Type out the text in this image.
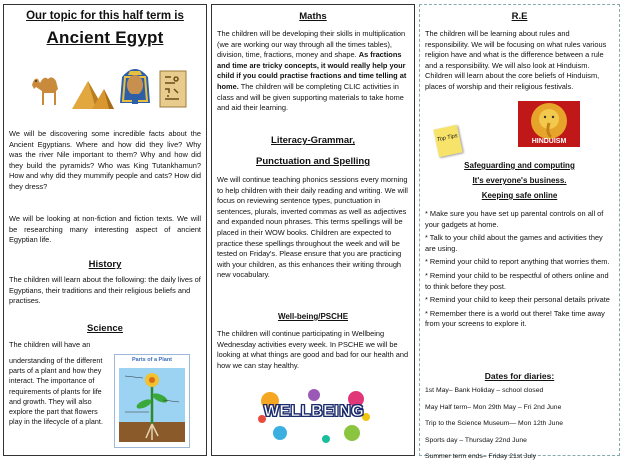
Our topic for this half term is
Ancient Egypt
We will be discovering some incredible facts about the Ancient Egyptians. Where and how did they live? Why was the river Nile important to them? Why and how did they build the pyramids? Who was King Tutankhamun? How and why did they mummify people and cats? How did they dress?
We will be looking at non-fiction and fiction texts. We will be researching many interesting aspect of ancient Egyptian life.
History
The children will learn about the following: the daily lives of Egyptians, their traditions and their religious beliefs and practises.
Science
The children will have an
understanding of the different parts of a plant and how they interact. The importance of requirements of plants for life and growth. They will also explore the part that flowers play in the lifecycle of a plant.
Parts of a Plant
Maths
The children will be developing their skills in multiplication (we are working our way through all the times tables), division, time, fractions, money and shape. As fractions and time are tricky concepts, it would really help your child if you could practise fractions and time telling at home. The children will be completing CLIC activities in class and will be given supporting materials to take home and aid their learning.
Literacy-Grammar,
Punctuation and Spelling
We will continue teaching phonics sessions every morning to help children with their daily reading and writing. We will focus on reviewing sentence types, punctuation in sentences, plurals, inverted commas as well as adjectives and expanded noun phrases. This terms spellings will be placed in their WOW books. Children are expected to practice these spellings throughout the week and will be tested on Friday's. Please ensure that you are practicing with your children, as this enhances their writing through new vocabulary.
Well-being/PSCHE
The children will continue participating in Wellbeing Wednesday activities every week. In PSCHE we will be looking at what things are good and bad for our health and how we can stay healthy.
WELLBEING
R.E
The children will be learning about rules and responsibility. We will be focusing on what rules various religion have and what is the difference between a rule and a responsibility. We will also look at Hinduism. Children will learn about the core beliefs of Hinduism, places of worship and their religious festivals.
Top Tips	HINDUISM
Safeguarding and computing
It's everyone's business.
Keeping safe online
* Make sure you have set up parental controls on all of your gadgets at home.
* Talk to your child about the games and activities they are using.
* Remind your child to report anything that worries them.
* Remind your child to be respectful of others online and to think before they post.
* Remind your child to keep their personal details private
* Remember there is a world out there! Take time away from your screens to explore it.
Dates for diaries:
1st May– Bank Holiday – school closed
May Half term– Mon 29th May – Fri 2nd June
Trip to the Science Museum— Mon 12th June
Sports day – Thursday 22nd June
Summer term ends– Friday 21st July
